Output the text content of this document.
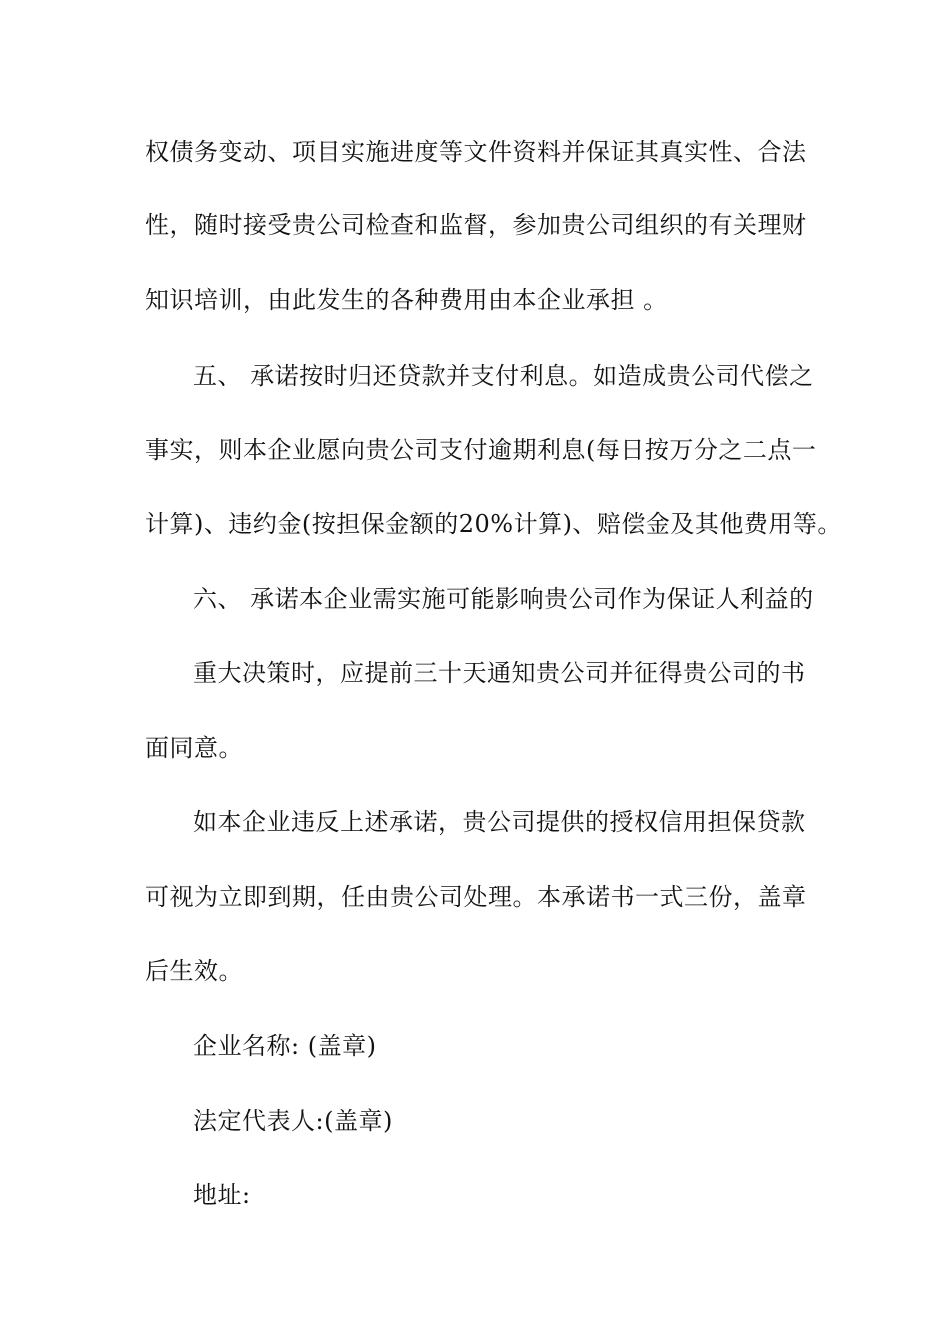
权债务变动、项目实施进度等文件资料并保证其真实性、合法
性，随时接受贵公司检查和监督，参加贵公司组织的有关理财
知识培训，由此发生的各种费用由本企业承担 。
五、 承诺按时归还贷款并支付利息。如造成贵公司代偿之
事实，则本企业愿向贵公司支付逾期利息(每日按万分之二点一
计算)、违约金(按担保金额的20%计算)、赔偿金及其他费用等。
六、 承诺本企业需实施可能影响贵公司作为保证人利益的
重大决策时，应提前三十天通知贵公司并征得贵公司的书
面同意。
如本企业违反上述承诺，贵公司提供的授权信用担保贷款
可视为立即到期，任由贵公司处理。本承诺书一式三份，盖章
后生效。
企业名称: (盖章)
法定代表人:(盖章)
地址:
